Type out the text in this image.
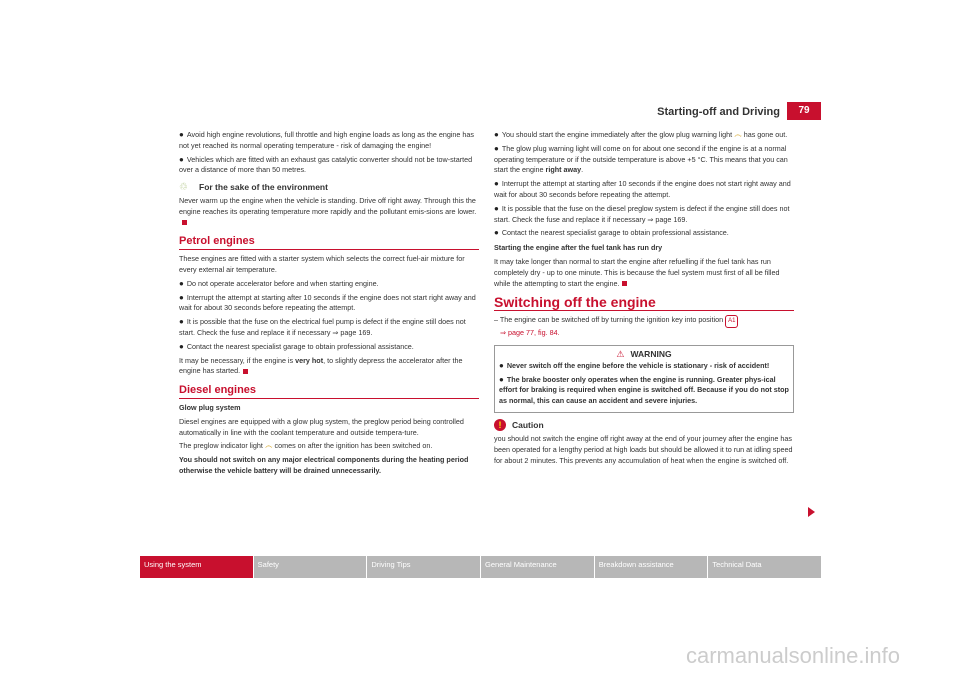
Starting-off and Driving	79

● Avoid high engine revolutions, full throttle and high engine loads as long as the engine has not yet reached its normal operating temperature - risk of damaging the engine!

● Vehicles which are fitted with an exhaust gas catalytic converter should not be tow-started over a distance of more than 50 metres.

♲	For the sake of the environment

Never warm up the engine when the vehicle is standing. Drive off right away. Through this the engine reaches its operating temperature more rapidly and the pollutant emis-sions are lower.

Petrol engines

These engines are fitted with a starter system which selects the correct fuel-air mixture for every external air temperature.

● Do not operate accelerator before and when starting engine.

● Interrupt the attempt at starting after 10 seconds if the engine does not start right away and wait for about 30 seconds before repeating the attempt.

● It is possible that the fuse on the electrical fuel pump is defect if the engine still does not start. Check the fuse and replace it if necessary ⇒ page 169.

● Contact the nearest specialist garage to obtain professional assistance.

It may be necessary, if the engine is very hot, to slightly depress the accelerator after the engine has started.

Diesel engines

Glow plug system

Diesel engines are equipped with a glow plug system, the preglow period being controlled automatically in line with the coolant temperature and outside tempera-ture.

The preglow indicator light ෴ comes on after the ignition has been switched on.

You should not switch on any major electrical components during the heating period otherwise the vehicle battery will be drained unnecessarily.

● You should start the engine immediately after the glow plug warning light ෴ has gone out.

● The glow plug warning light will come on for about one second if the engine is at a normal operating temperature or if the outside temperature is above +5 °C. This means that you can start the engine right away.

● Interrupt the attempt at starting after 10 seconds if the engine does not start right away and wait for about 30 seconds before repeating the attempt.

● It is possible that the fuse on the diesel preglow system is defect if the engine still does not start. Check the fuse and replace it if necessary ⇒ page 169.

● Contact the nearest specialist garage to obtain professional assistance.

Starting the engine after the fuel tank has run dry

It may take longer than normal to start the engine after refuelling if the fuel tank has run completely dry - up to one minute. This is because the fuel system must first of all be filled while the attempting to start the engine.

Switching off the engine

– The engine can be switched off by turning the ignition key into position A1
⇒ page 77, fig. 84.

⚠ WARNING

● Never switch off the engine before the vehicle is stationary - risk of accident!

● The brake booster only operates when the engine is running. Greater phys-ical effort for braking is required when engine is switched off. Because if you do not stop as normal, this can cause an accident and severe injuries.

!	Caution

you should not switch the engine off right away at the end of your journey after the engine has been operated for a lengthy period at high loads but should be allowed it to run at idling speed for about 2 minutes. This prevents any accumulation of heat when the engine is switched off.

Using the system	Safety	Driving Tips	General Maintenance	Breakdown assistance	Technical Data
carmanualsonline.info
